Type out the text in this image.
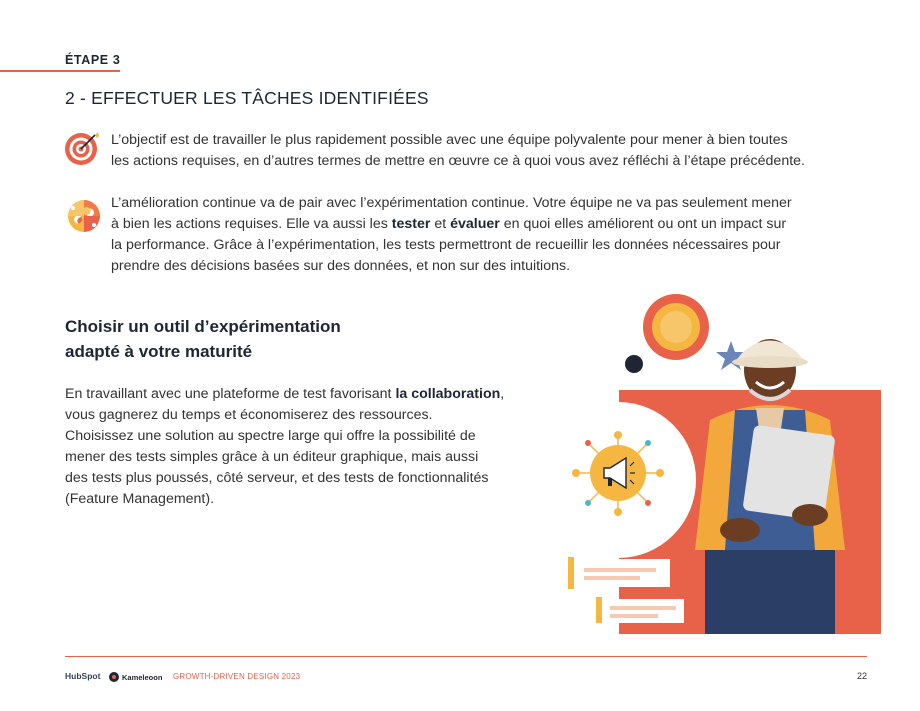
ÉTAPE 3
2 - EFFECTUER LES TÂCHES IDENTIFIÉES

L’objectif est de travailler le plus rapidement possible avec une équipe polyvalente pour mener à bien toutes
les actions requises, en d’autres termes de mettre en œuvre ce à quoi vous avez réfléchi à l’étape précédente.

L’amélioration continue va de pair avec l’expérimentation continue. Votre équipe ne va pas seulement mener
à bien les actions requises. Elle va aussi les tester et évaluer en quoi elles améliorent ou ont un impact sur
la performance. Grâce à l’expérimentation, les tests permettront de recueillir les données nécessaires pour
prendre des décisions basées sur des données, et non sur des intuitions.

Choisir un outil d’expérimentation
adapté à votre maturité

En travaillant avec une plateforme de test favorisant la collaboration,
vous gagnerez du temps et économiserez des ressources.
Choisissez une solution au spectre large qui offre la possibilité de
mener des tests simples grâce à un éditeur graphique, mais aussi
des tests plus poussés, côté serveur, et des tests de fonctionnalités
(Feature Management).

HubSpot	Kameleoon GROWTH-DRIVEN DESIGN 2023	22
